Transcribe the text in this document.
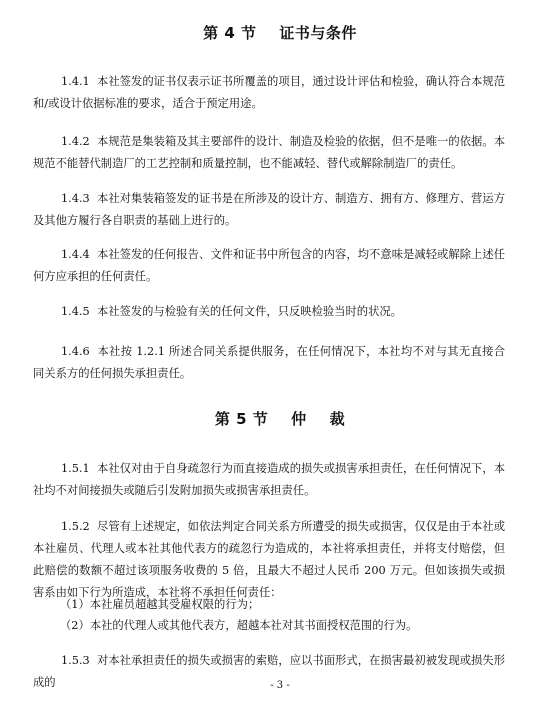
第 4 节    证书与条件
1.4.1 本社签发的证书仅表示证书所覆盖的项目，通过设计评估和检验，确认符合本规范和/或设计依据标准的要求，适合于预定用途。
1.4.2 本规范是集装箱及其主要部件的设计、制造及检验的依据，但不是唯一的依据。本规范不能替代制造厂的工艺控制和质量控制，也不能减轻、替代或解除制造厂的责任。
1.4.3 本社对集装箱签发的证书是在所涉及的设计方、制造方、拥有方、修理方、营运方及其他方履行各自职责的基础上进行的。
1.4.4 本社签发的任何报告、文件和证书中所包含的内容，均不意味是减轻或解除上述任何方应承担的任何责任。
1.4.5 本社签发的与检验有关的任何文件，只反映检验当时的状况。
1.4.6 本社按 1.2.1 所述合同关系提供服务，在任何情况下，本社均不对与其无直接合同关系方的任何损失承担责任。
第 5 节    仲    裁
1.5.1 本社仅对由于自身疏忽行为而直接造成的损失或损害承担责任，在任何情况下，本社均不对间接损失或随后引发附加损失或损害承担责任。
1.5.2 尽管有上述规定，如依法判定合同关系方所遭受的损失或损害，仅仅是由于本社或本社雇员、代理人或本社其他代表方的疏忽行为造成的，本社将承担责任，并将支付赔偿，但此赔偿的数额不超过该项服务收费的 5 倍，且最大不超过人民币 200 万元。但如该损失或损害系由如下行为所造成，本社将不承担任何责任：
（1）本社雇员超越其受雇权限的行为；
（2）本社的代理人或其他代表方，超越本社对其书面授权范围的行为。
1.5.3 对本社承担责任的损失或损害的索赔，应以书面形式，在损害最初被发现或损失形成的	- 3 -
